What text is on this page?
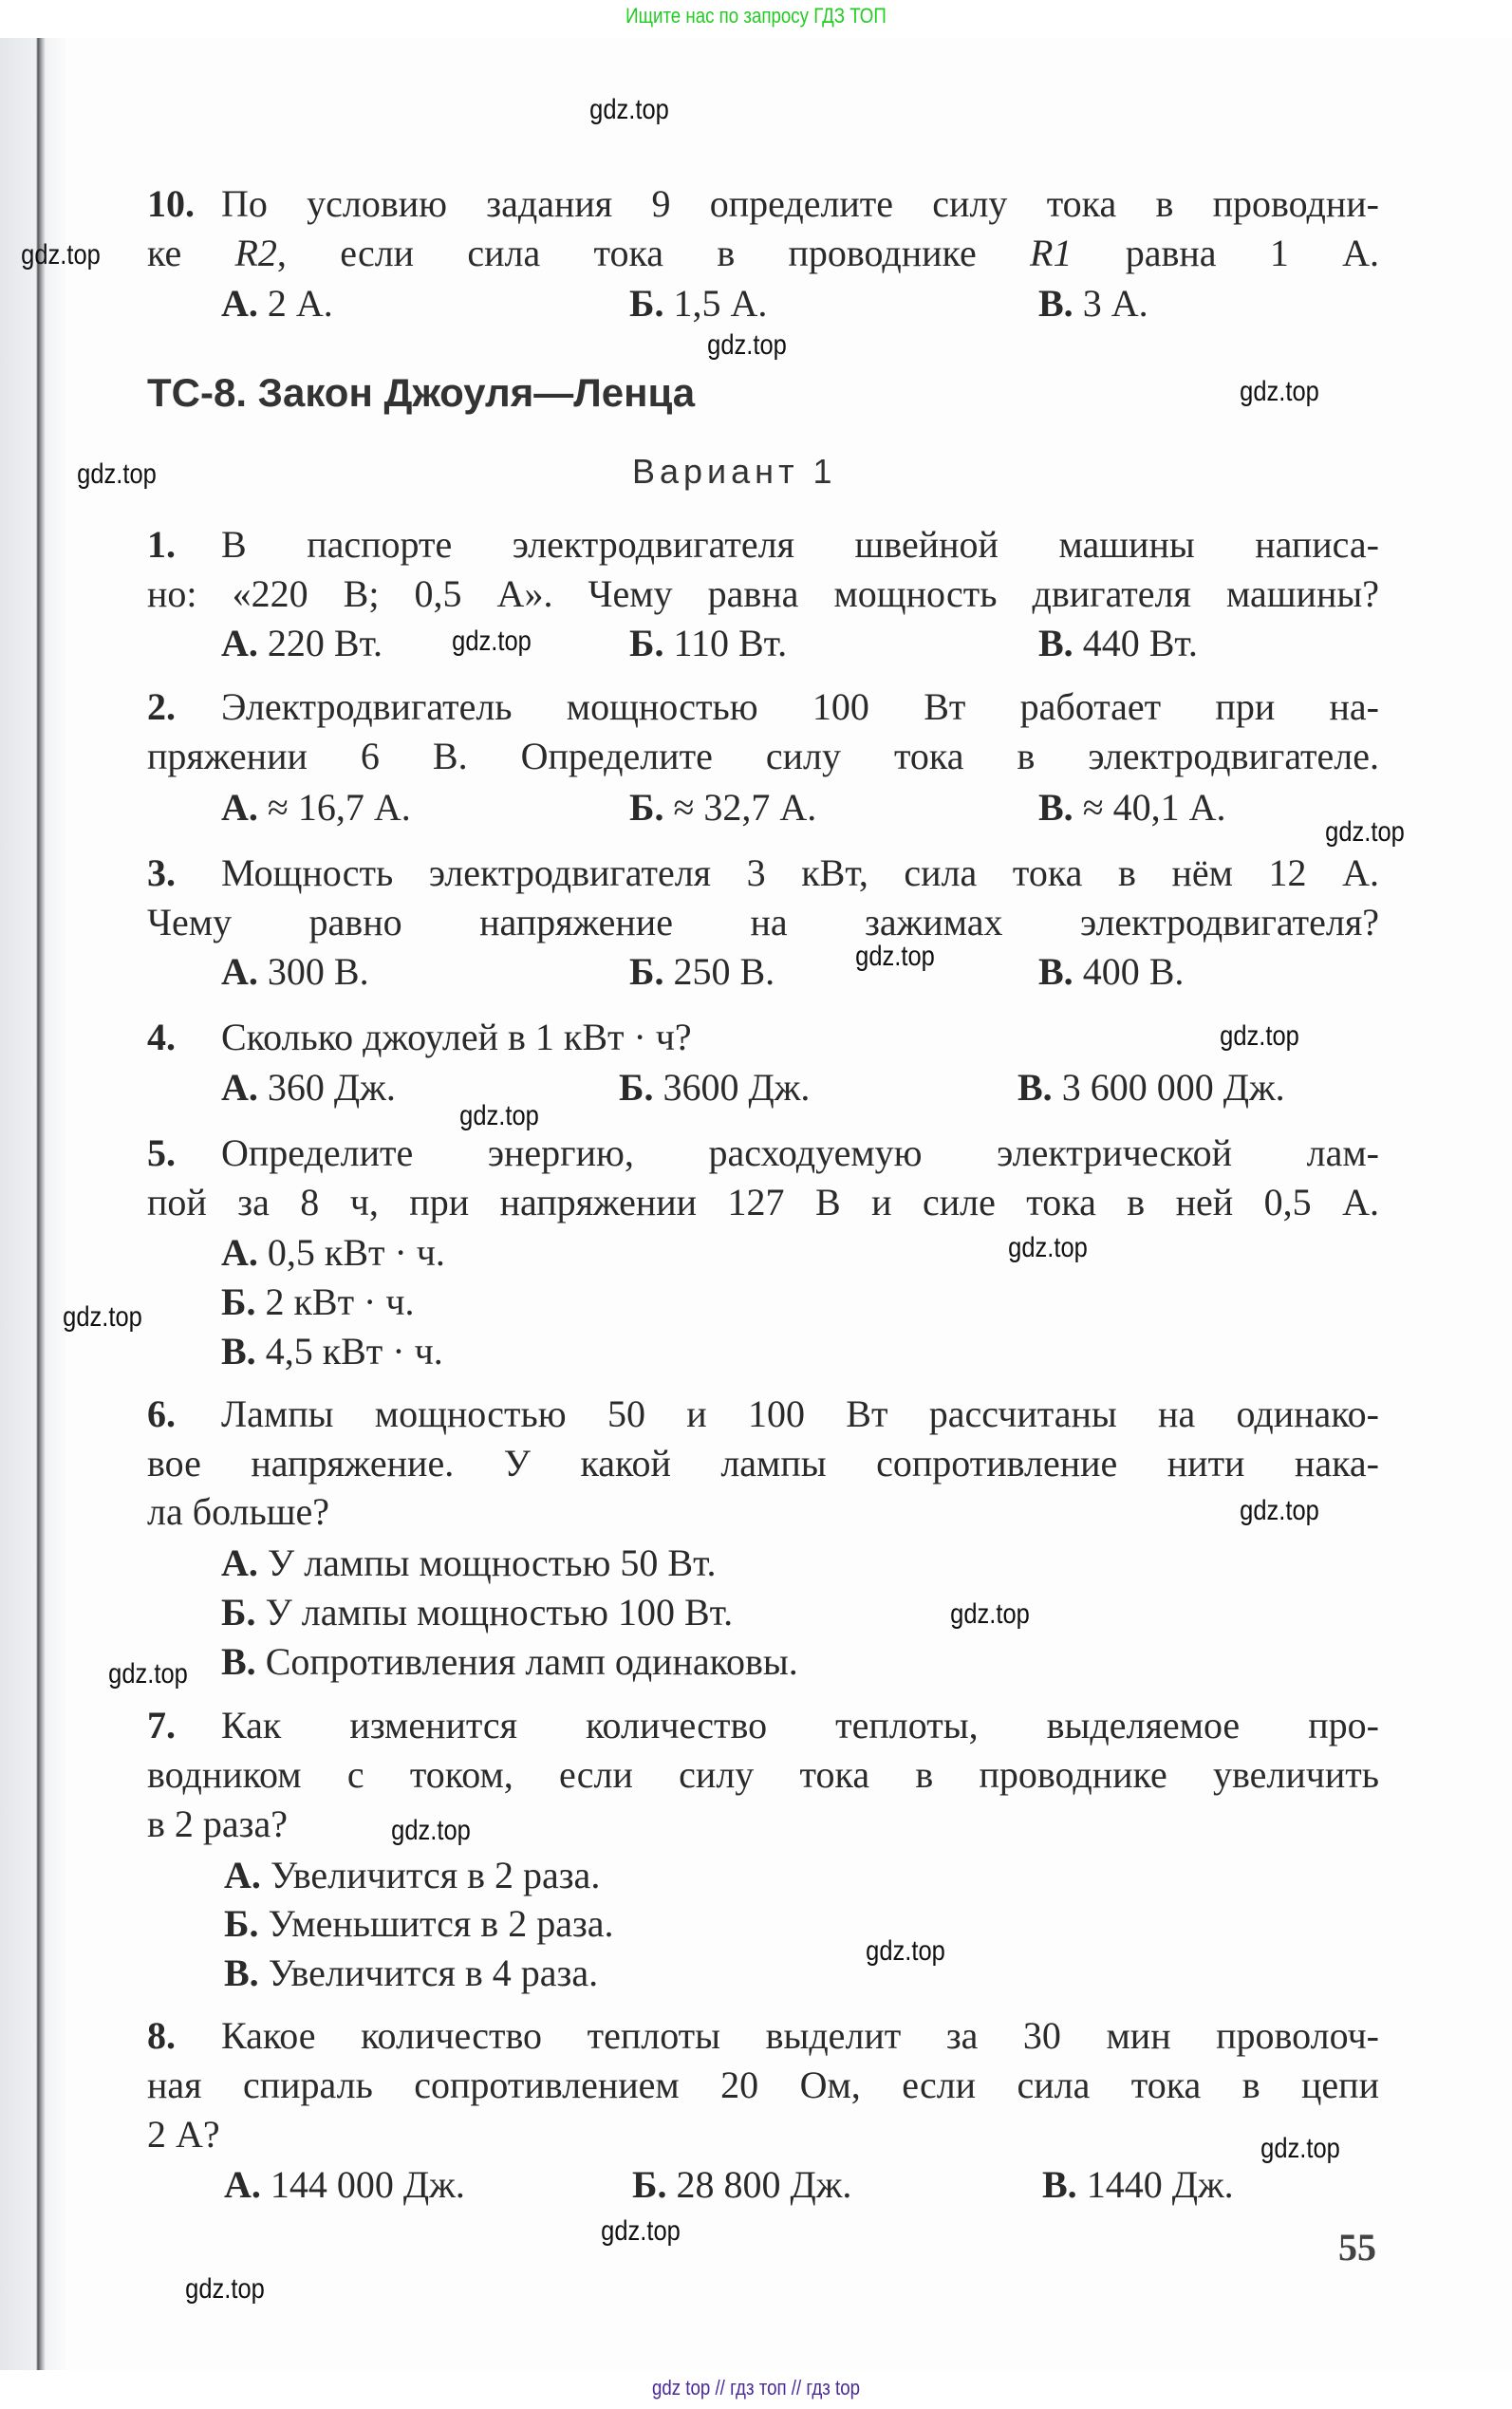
Ищите нас по запросу ГДЗ ТОП
10. По условию задания 9 определите силу тока в проводни-
ке R2, если сила тока в проводнике R1 равна 1 А.
А. 2 А.	Б. 1,5 А.	В. 3 А.
ТС-8. Закон Джоуля—Ленца
Вариант 1
1. В паспорте электродвигателя швейной машины написа-
но: «220 В; 0,5 А». Чему равна мощность двигателя машины?
А. 220 Вт.	Б. 110 Вт.	В. 440 Вт.
2. Электродвигатель мощностью 100 Вт работает при на-
пряжении 6 В. Определите силу тока в электродвигателе.
А. ≈ 16,7 А.	Б. ≈ 32,7 А.	В. ≈ 40,1 А.
3. Мощность электродвигателя 3 кВт, сила тока в нём 12 А.
Чему равно напряжение на зажимах электродвигателя?
А. 300 В.	Б. 250 В.	В. 400 В.
4. Сколько джоулей в 1 кВт · ч?
А. 360 Дж.	Б. 3600 Дж.	В. 3 600 000 Дж.
5. Определите энергию, расходуемую электрической лам-
пой за 8 ч, при напряжении 127 В и силе тока в ней 0,5 А.
А. 0,5 кВт · ч.
Б. 2 кВт · ч.
В. 4,5 кВт · ч.
6. Лампы мощностью 50 и 100 Вт рассчитаны на одинако-
вое напряжение. У какой лампы сопротивление нити нака-
ла больше?
А. У лампы мощностью 50 Вт.
Б. У лампы мощностью 100 Вт.
В. Сопротивления ламп одинаковы.
7. Как изменится количество теплоты, выделяемое про-
водником с током, если силу тока в проводнике увеличить
в 2 раза?
А. Увеличится в 2 раза.
Б. Уменьшится в 2 раза.
В. Увеличится в 4 раза.
8. Какое количество теплоты выделит за 30 мин проволоч-
ная спираль сопротивлением 20 Ом, если сила тока в цепи
2 А?
А. 144 000 Дж.	Б. 28 800 Дж.	В. 1440 Дж.
55
gdz.top
gdz.top
gdz.top
gdz.top
gdz.top
gdz.top
gdz.top
gdz.top
gdz.top
gdz.top
gdz.top
gdz.top
gdz.top
gdz.top
gdz.top
gdz.top
gdz.top
gdz.top
gdz.top
gdz.top
gdz top // гдз топ // гдз top
